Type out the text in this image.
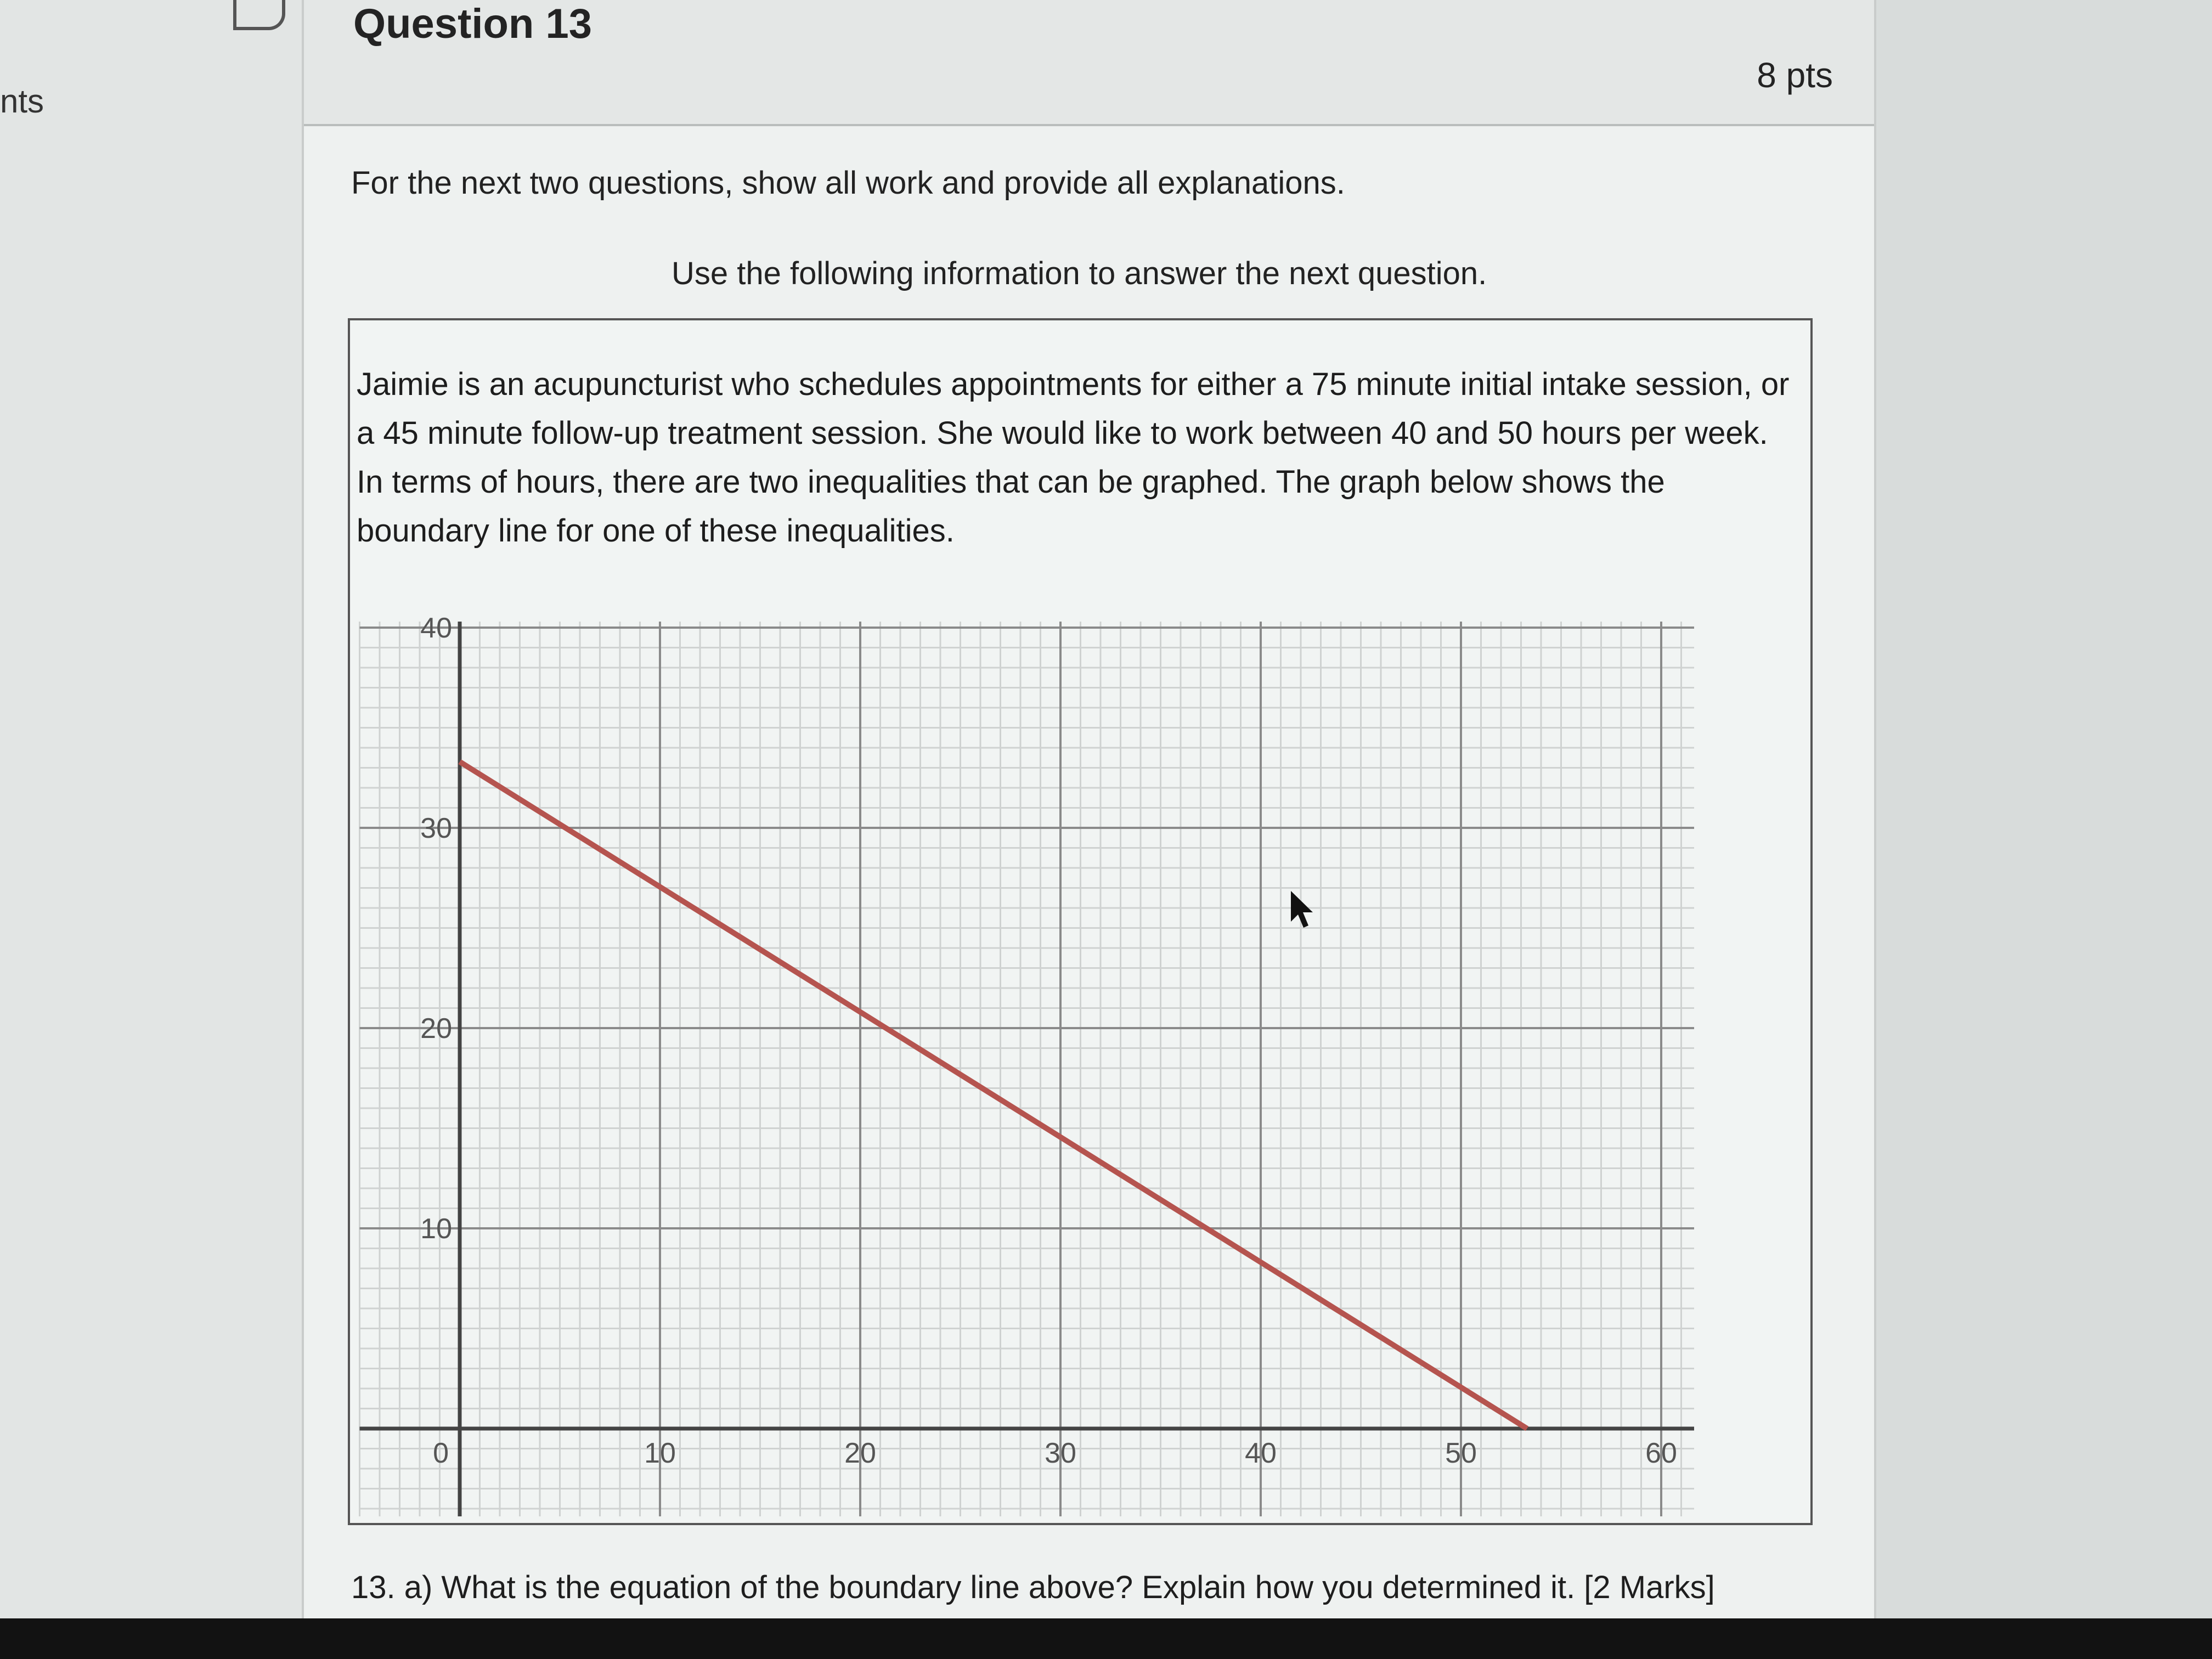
nts
Question 13
8 pts
For the next two questions, show all work and provide all explanations.
Use the following information to answer the next question.
Jaimie is an acupuncturist who schedules appointments for either a 75 minute initial intake session, or a 45 minute follow-up treatment session. She would like to work between 40 and 50 hours per week. In terms of hours, there are two inequalities that can be graphed. The graph below shows the boundary line for one of these inequalities.
0	10	20	30	40	50	60
10
20
30
40
13. a) What is the equation of the boundary line above? Explain how you determined it. [2 Marks]
